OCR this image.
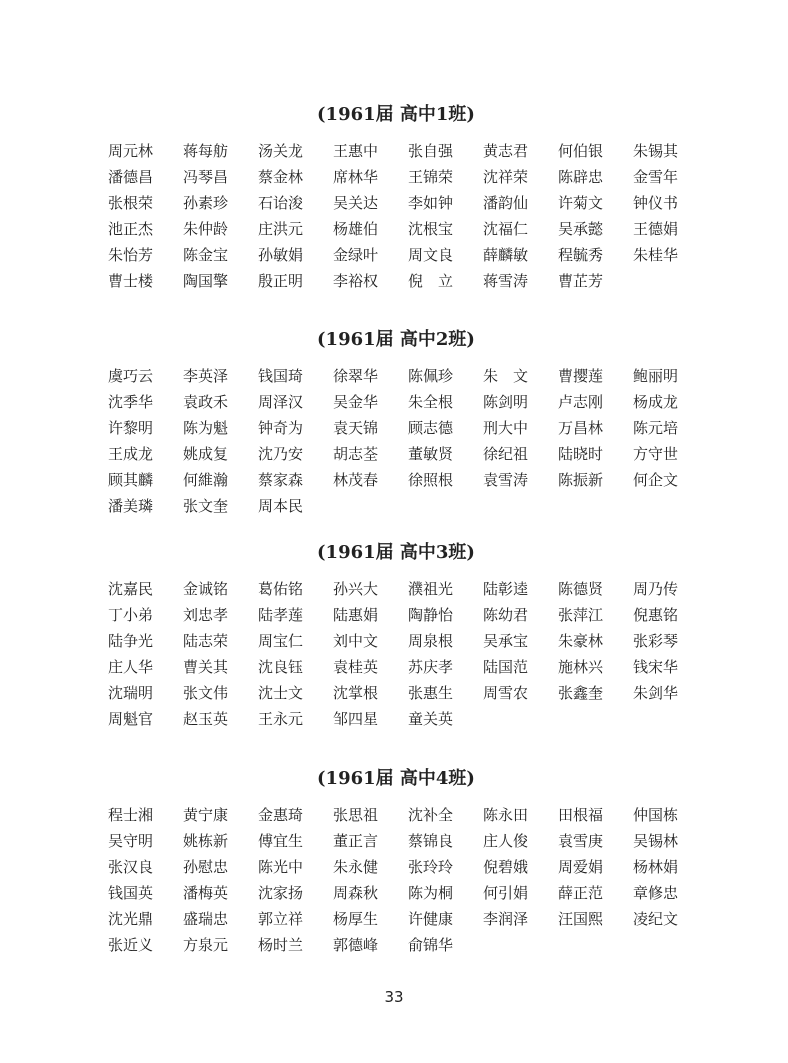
(1961届 高中1班)
周元林	蒋每舫	汤关龙	王惠中	张自强	黄志君	何伯银	朱锡其
潘德昌	冯琴昌	蔡金林	席林华	王锦荣	沈祥荣	陈辟忠	金雪年
张根荣	孙素珍	石诒浚	吴关达	李如钟	潘韵仙	许菊文	钟仪书
池正杰	朱仲龄	庄洪元	杨雄伯	沈根宝	沈福仁	吴承懿	王德娟
朱怡芳	陈金宝	孙敏娟	金绿叶	周文良	薛麟敏	程毓秀	朱桂华
曹士楼	陶国擎	殷正明	李裕权	倪　立	蒋雪涛	曹芷芳
(1961届 高中2班)
虞巧云	李英泽	钱国琦	徐翠华	陈佩珍	朱　文	曹撄莲	鲍丽明
沈季华	袁政禾	周泽汉	吴金华	朱全根	陈剑明	卢志刚	杨成龙
许黎明	陈为魁	钟奇为	袁天锦	顾志德	刑大中	万昌林	陈元培
王成龙	姚成复	沈乃安	胡志荃	董敏贤	徐纪祖	陆晓时	方守世
顾其麟	何維瀚	蔡家森	林茂春	徐照根	袁雪涛	陈振新	何企文
潘美璘	张文奎	周本民
(1961届 高中3班)
沈嘉民	金诚铭	葛佑铭	孙兴大	濮祖光	陆彰逵	陈德贤	周乃传
丁小弟	刘忠孝	陆孝莲	陆惠娟	陶静怡	陈幼君	张萍江	倪惠铭
陆争光	陆志荣	周宝仁	刘中文	周泉根	吴承宝	朱豪林	张彩琴
庄人华	曹关其	沈良钰	袁桂英	苏庆孝	陆国范	施林兴	钱宋华
沈瑞明	张文伟	沈士文	沈掌根	张惠生	周雪农	张鑫奎	朱剑华
周魁官	赵玉英	王永元	邹四星	童关英
(1961届 高中4班)
程士湘	黄宁康	金惠琦	张思祖	沈补全	陈永田	田根福	仲国栋
吴守明	姚栋新	傅宜生	董正言	蔡锦良	庄人俊	袁雪庚	吴锡林
张汉良	孙慰忠	陈光中	朱永健	张玲玲	倪碧娥	周爱娟	杨林娟
钱国英	潘梅英	沈家扬	周森秋	陈为桐	何引娟	薛正范	章修忠
沈光鼎	盛瑞忠	郭立祥	杨厚生	许健康	李润泽	汪国熙	凌纪文
张近义	方泉元	杨时兰	郭德峰	俞锦华
33
